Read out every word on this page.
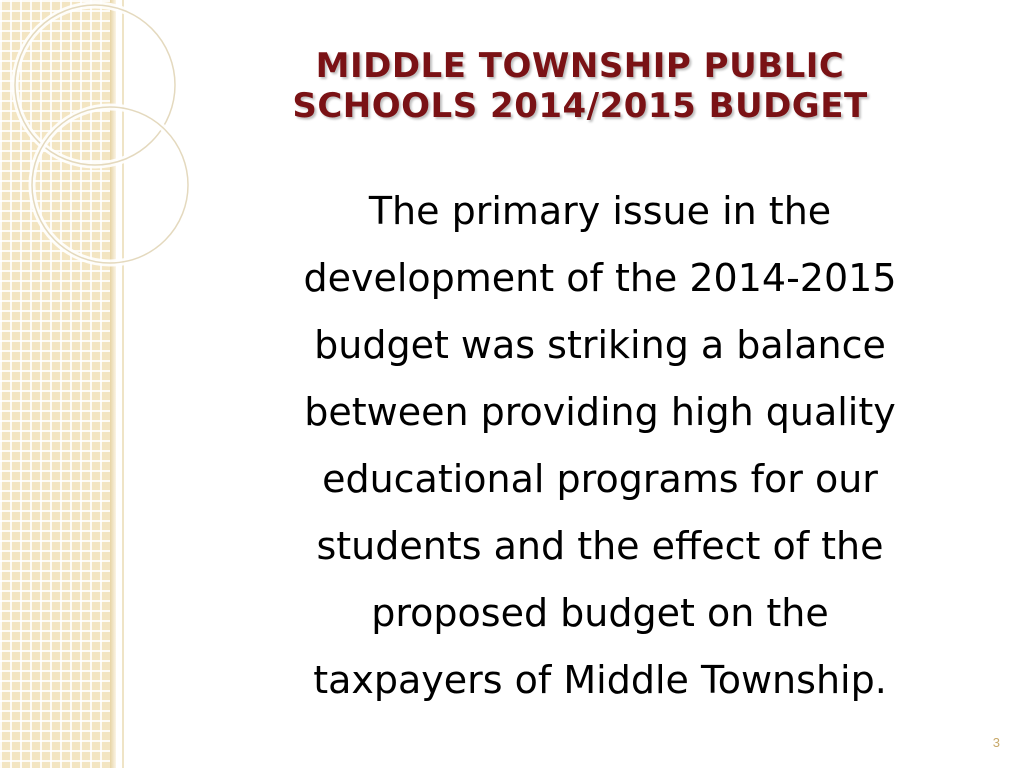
MIDDLE TOWNSHIP PUBLIC
SCHOOLS 2014/2015 BUDGET

The primary issue in the
development of the 2014-2015
budget was striking a balance
between providing high quality
educational programs for our
students and the effect of the
proposed budget on the
taxpayers of Middle Township.

3
